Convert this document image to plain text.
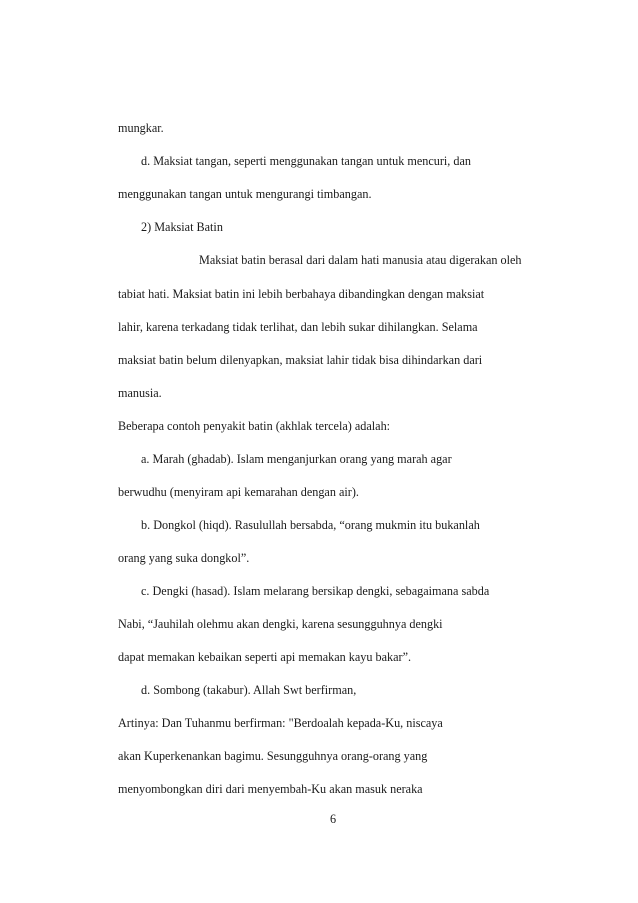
mungkar.
d. Maksiat tangan, seperti menggunakan tangan untuk mencuri, dan
menggunakan tangan untuk mengurangi timbangan.
2) Maksiat Batin
Maksiat batin berasal dari dalam hati manusia atau digerakan oleh
tabiat hati. Maksiat batin ini lebih berbahaya dibandingkan dengan maksiat
lahir, karena terkadang tidak terlihat, dan lebih sukar dihilangkan. Selama
maksiat batin belum dilenyapkan, maksiat lahir tidak bisa dihindarkan dari
manusia.
Beberapa contoh penyakit batin (akhlak tercela) adalah:
a. Marah (ghadab). Islam menganjurkan orang yang marah agar
berwudhu (menyiram api kemarahan dengan air).
b. Dongkol (hiqd). Rasulullah bersabda, “orang mukmin itu bukanlah
orang yang suka dongkol”.
c. Dengki (hasad). Islam melarang bersikap dengki, sebagaimana sabda
Nabi, “Jauhilah olehmu akan dengki, karena sesungguhnya dengki
dapat memakan kebaikan seperti api memakan kayu bakar”.
d. Sombong (takabur). Allah Swt berfirman,
Artinya: Dan Tuhanmu berfirman: "Berdoalah kepada-Ku, niscaya
akan Kuperkenankan bagimu. Sesungguhnya orang-orang yang
menyombongkan diri dari menyembah-Ku akan masuk neraka
6
